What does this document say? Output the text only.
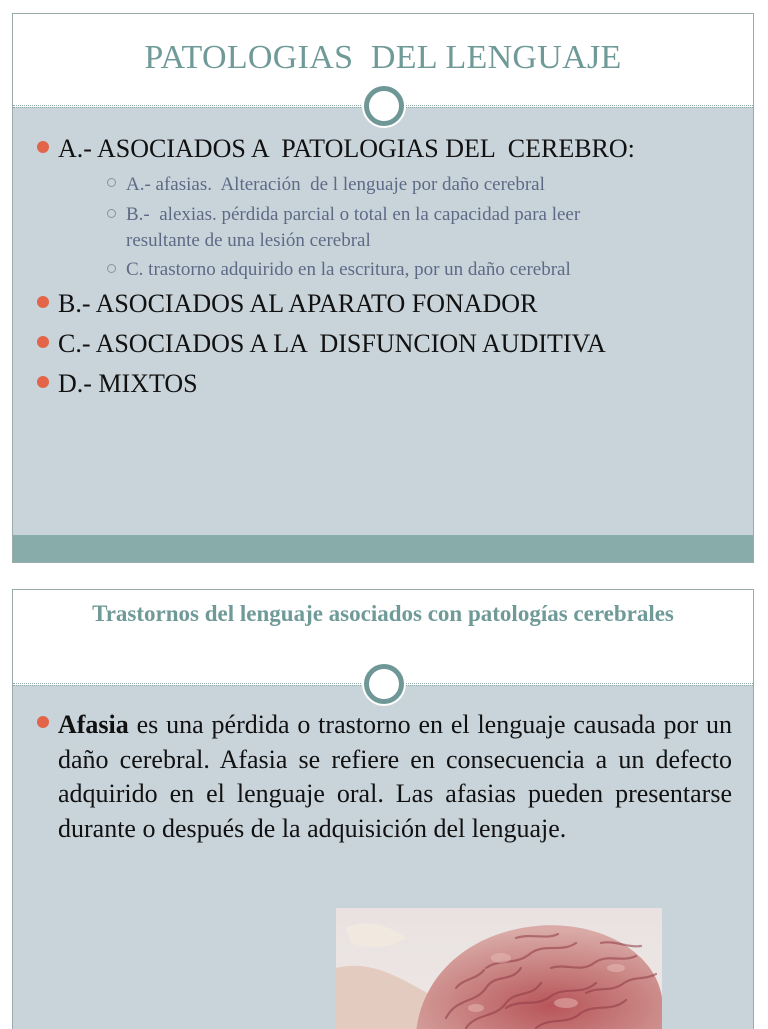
PATOLOGIAS  DEL LENGUAJE
A.- ASOCIADOS A  PATOLOGIAS DEL  CEREBRO:
A.- afasias.  Alteración  de l lenguaje por daño cerebral
B.-  alexias. pérdida parcial o total en la capacidad para leer
resultante de una lesión cerebral
C. trastorno adquirido en la escritura, por un daño cerebral
B.- ASOCIADOS AL APARATO FONADOR
C.- ASOCIADOS A LA  DISFUNCION AUDITIVA
D.- MIXTOS
Trastornos del lenguaje asociados con patologías cerebrales
Afasia es una pérdida o trastorno en el lenguaje causada por un daño cerebral. Afasia se refiere en consecuencia a un defecto adquirido en el lenguaje oral. Las afasias pueden presentarse durante o después de la adquisición del lenguaje.
